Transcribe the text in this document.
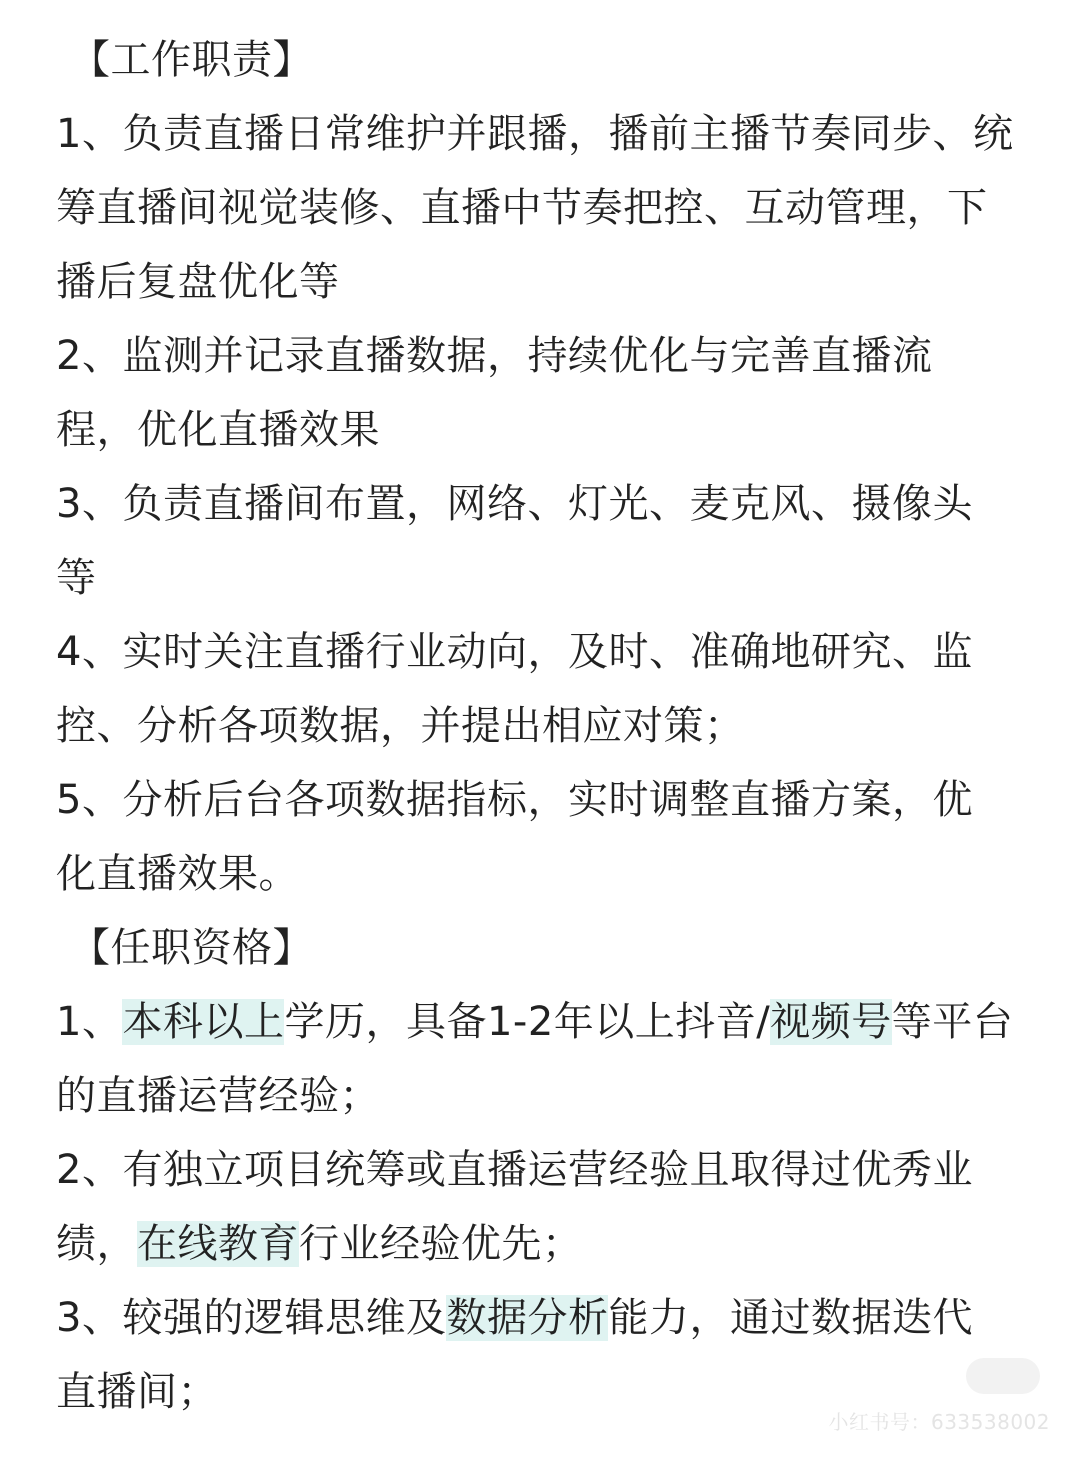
【工作职责】
1、负责直播日常维护并跟播，播前主播节奏同步、统
筹直播间视觉装修、直播中节奏把控、互动管理，下
播后复盘优化等
2、监测并记录直播数据，持续优化与完善直播流
程，优化直播效果
3、负责直播间布置，网络、灯光、麦克风、摄像头
等
4、实时关注直播行业动向，及时、准确地研究、监
控、分析各项数据，并提出相应对策；
5、分析后台各项数据指标，实时调整直播方案，优
化直播效果。
【任职资格】
1、本科以上学历，具备1-2年以上抖音/视频号等平台
的直播运营经验；
2、有独立项目统筹或直播运营经验且取得过优秀业
绩，在线教育行业经验优先；
3、较强的逻辑思维及数据分析能力，通过数据迭代
直播间；
小红书号：633538002
